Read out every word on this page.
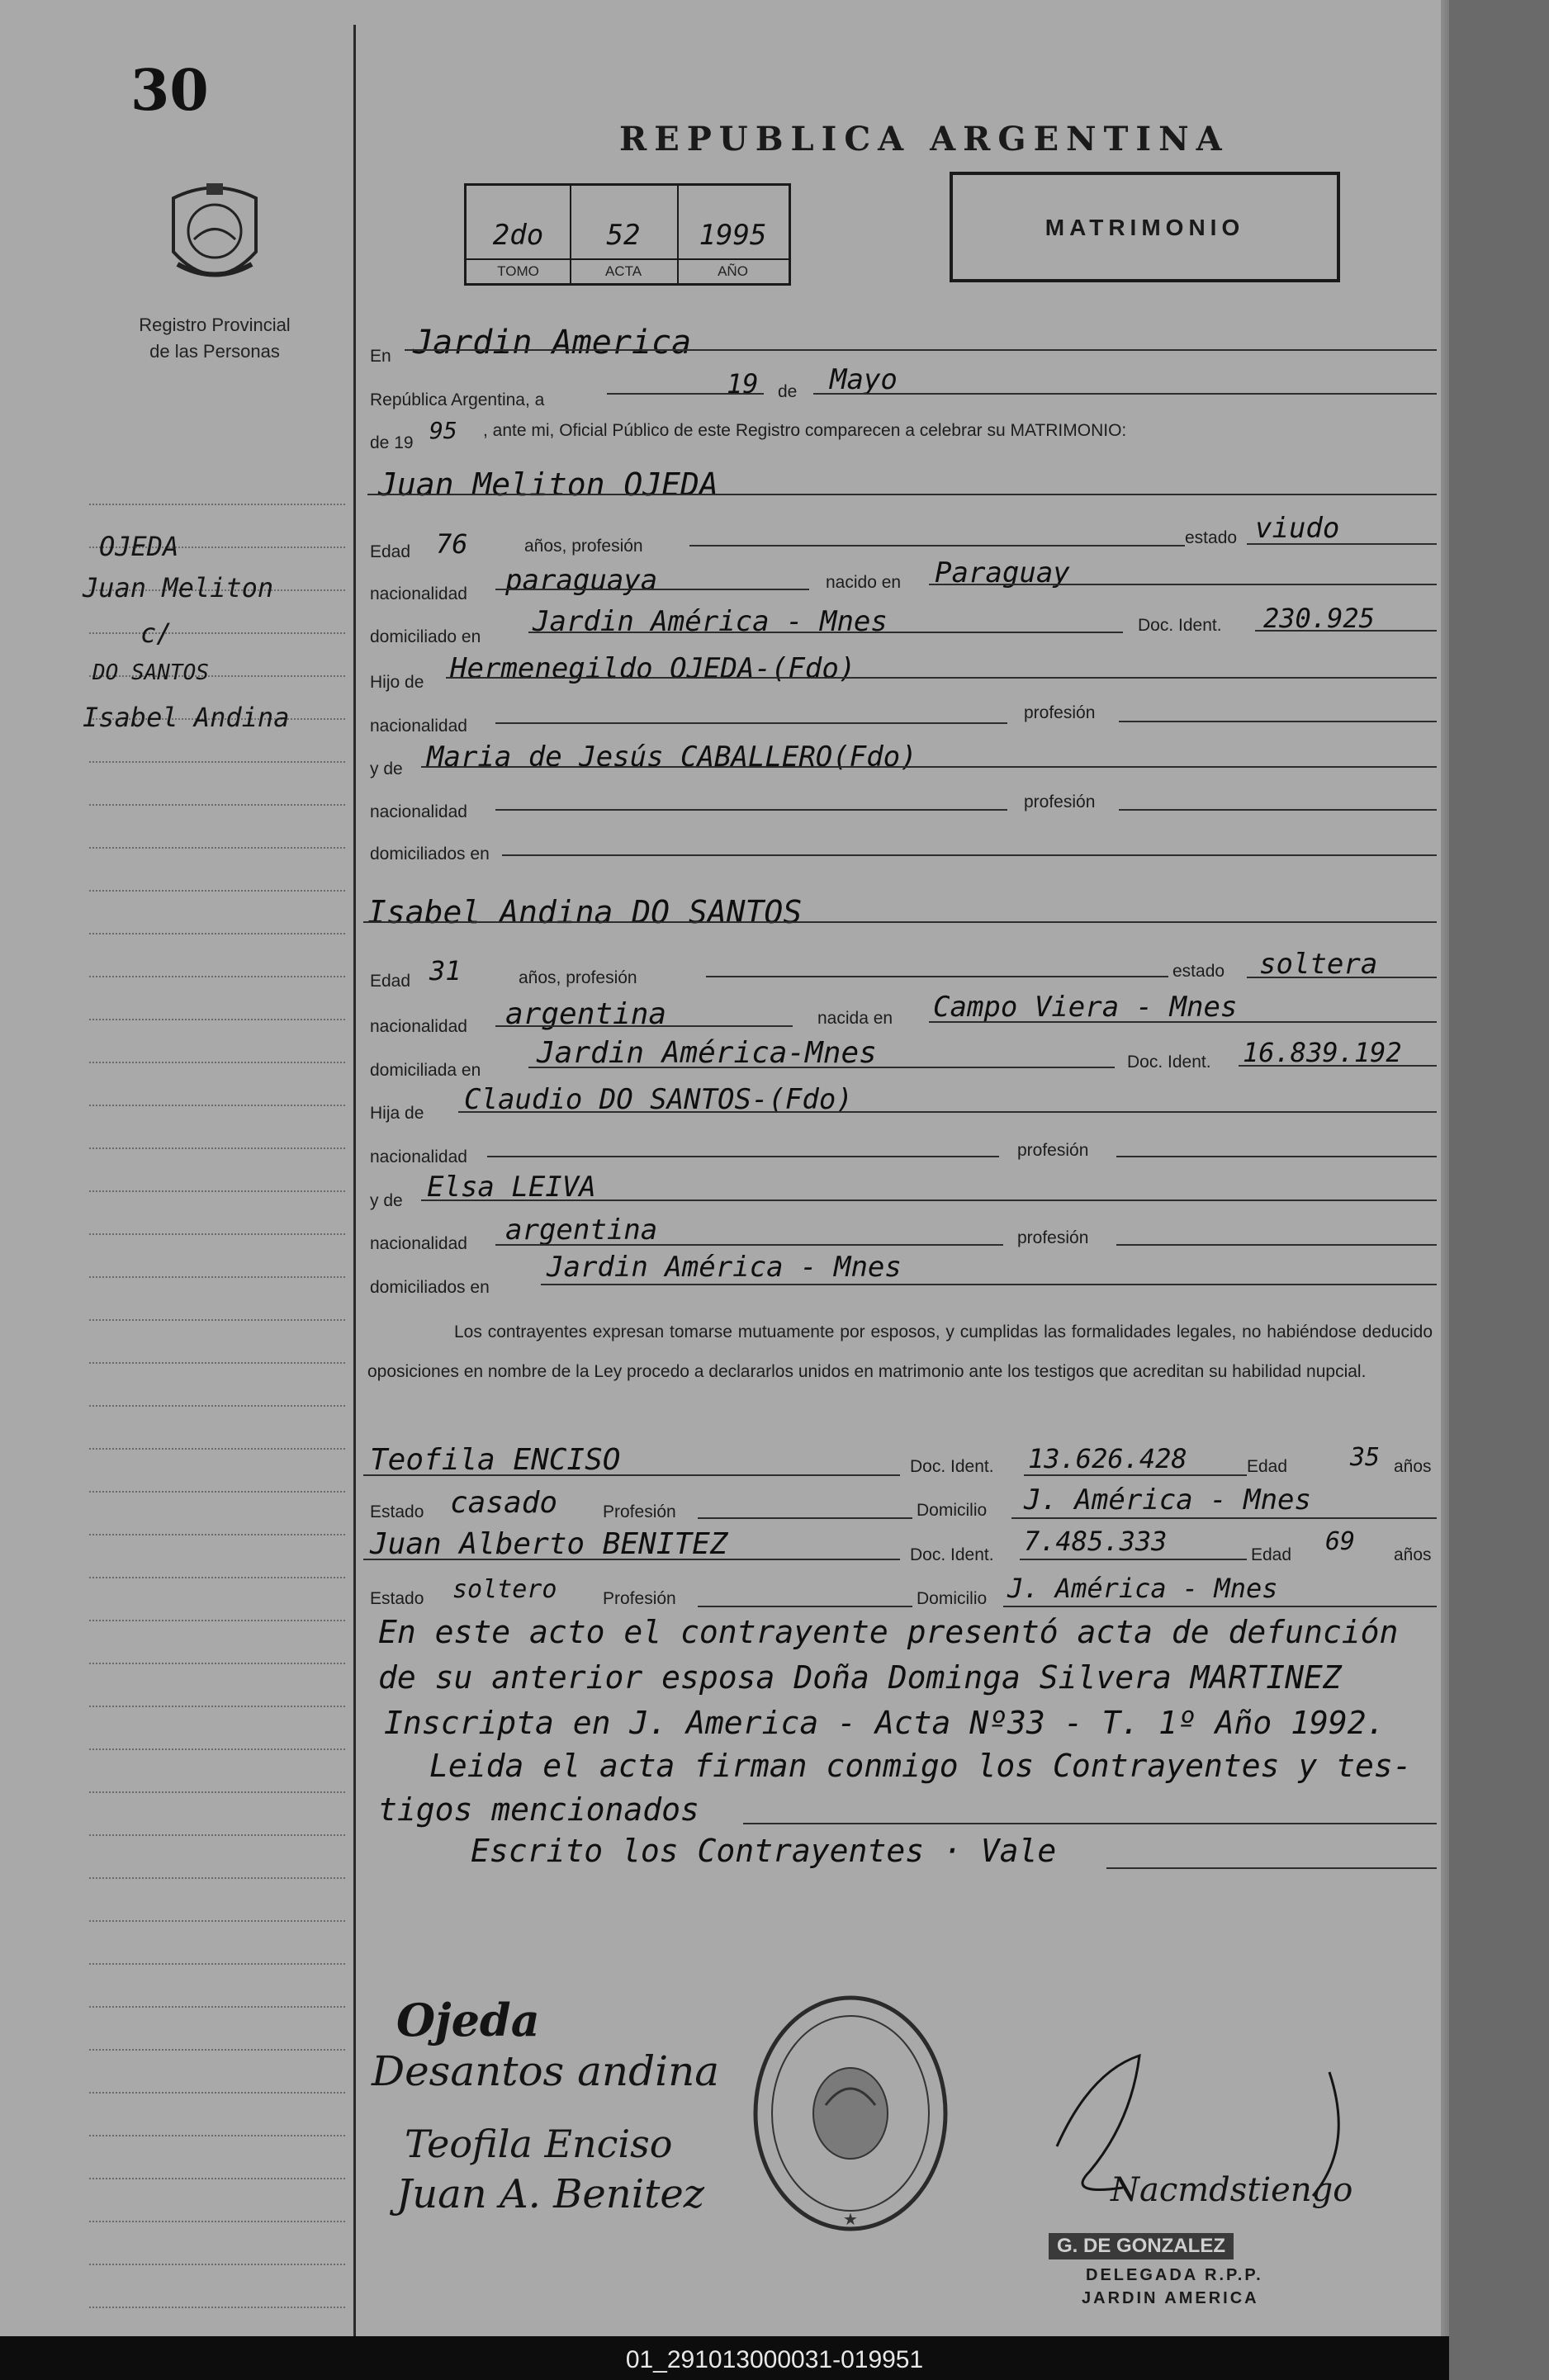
01_291013000031-019951
30
Registro Provincial
de las Personas
OJEDA
Juan Meliton
c/
DO SANTOS
Isabel Andina
REPUBLICA ARGENTINA
2do
TOMO
52
ACTA
1995
AÑO
MATRIMONIO
En Jardin America
República Argentina, a
19 de Mayo
de 19 95 , ante mi, Oficial Público de este Registro comparecen a celebrar su MATRIMONIO:
Juan Meliton OJEDA
Edad 76	años, profesión	estado viudo
nacionalidad paraguaya	nacido en Paraguay
domiciliado en Jardin América - Mnes	Doc. Ident. 230.925
Hijo de Hermenegildo OJEDA-(Fdo)
nacionalidad
profesión
y de Maria de Jesús CABALLERO(Fdo)
nacionalidad
profesión
domiciliados en
Isabel Andina DO SANTOS
Edad 31	años, profesión	estado soltera
nacionalidad argentina	nacida en Campo Viera - Mnes
domiciliada en
Jardin América-Mnes	Doc. Ident. 16.839.192
Hija de Claudio DO SANTOS-(Fdo)
nacionalidad	profesión
y de Elsa LEIVA
nacionalidad argentina	profesión
domiciliados en
Jardin América - Mnes
Los contrayentes expresan tomarse mutuamente por esposos, y cumplidas las formalidades legales, no habiéndose deducido oposiciones en nombre de la Ley procedo a declararlos unidos en matrimonio ante los testigos que acreditan su habilidad nupcial.
Teofila ENCISO	Doc. Ident. 13.626.428	Edad	35 años
Estado casado	Profesión	Domicilio J. América - Mnes
Juan Alberto BENITEZ	Doc. Ident. 7.485.333	Edad 69 años
Estado soltero	Profesión	Domicilio J. América - Mnes
En este acto el contrayente presentó acta de defunción
de su anterior esposa Doña Dominga Silvera MARTINEZ
Inscripta en J. America - Acta Nº33 - T. 1º Año 1992.
Leida el acta firman conmigo los Contrayentes y tes-
tigos mencionados
Escrito los Contrayentes · Vale
Ojeda
Desantos andina
Teofila Enciso
Juan A. Benitez
★
Nacmdstiengo
G. DE GONZALEZ
DELEGADA R.P.P.
JARDIN AMERICA
